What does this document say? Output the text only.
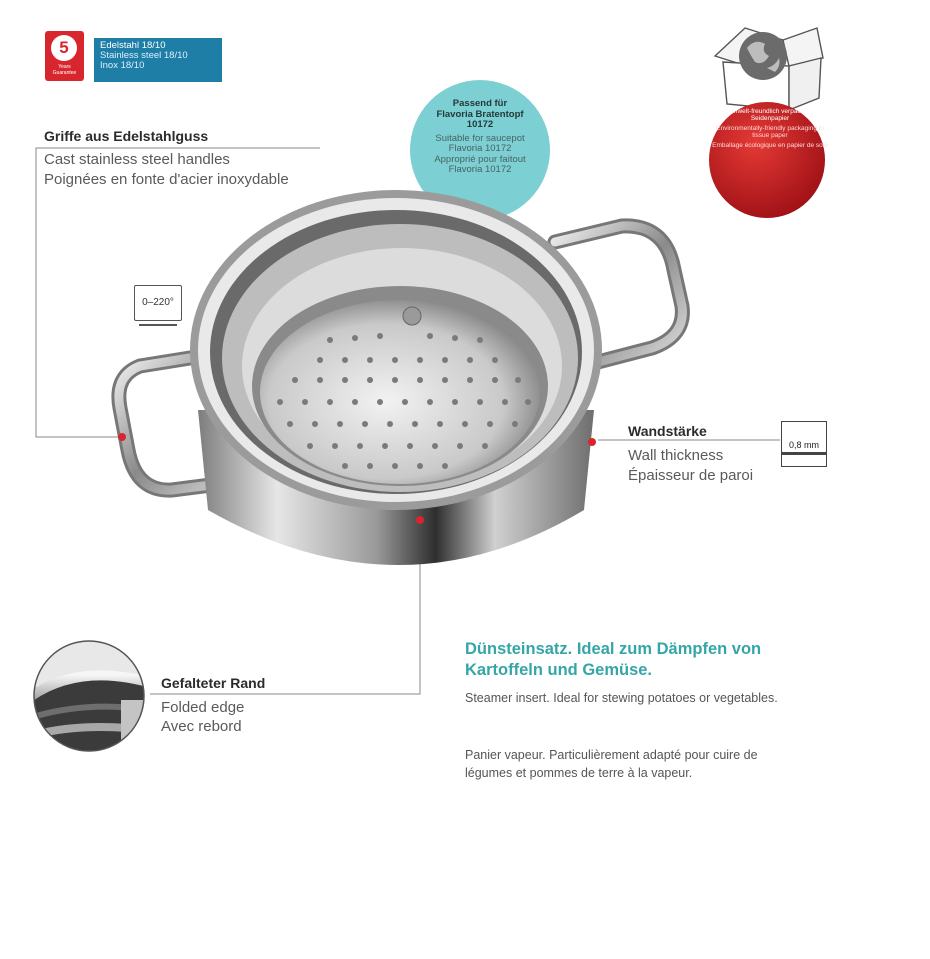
5
Years
Guarantee
Edelstahl 18/10
Stainless steel 18/10
Inox 18/10
Griffe aus Edelstahlguss
Cast stainless steel handles
Poignées en fonte d'acier inoxydable
Passend für
Flavoria Bratentopf
10172
Suitable for saucepot
Flavoria 10172
Approprié pour faitout
Flavoria 10172
Umwelt-freundlich verpackt in Seidenpapier
Environmentally-friendly packaging in tissue paper
Emballage écologique en papier de soie
0–220°
Wandstärke
Wall thickness
Épaisseur de paroi
0,8 mm
Gefalteter Rand
Folded edge
Avec rebord
Dünsteinsatz. Ideal zum Dämpfen von Kartoffeln und Gemüse.
Steamer insert. Ideal for stewing potatoes or vegetables.
Panier vapeur. Particulièrement adapté pour cuire de légumes et pommes de terre à la vapeur.
